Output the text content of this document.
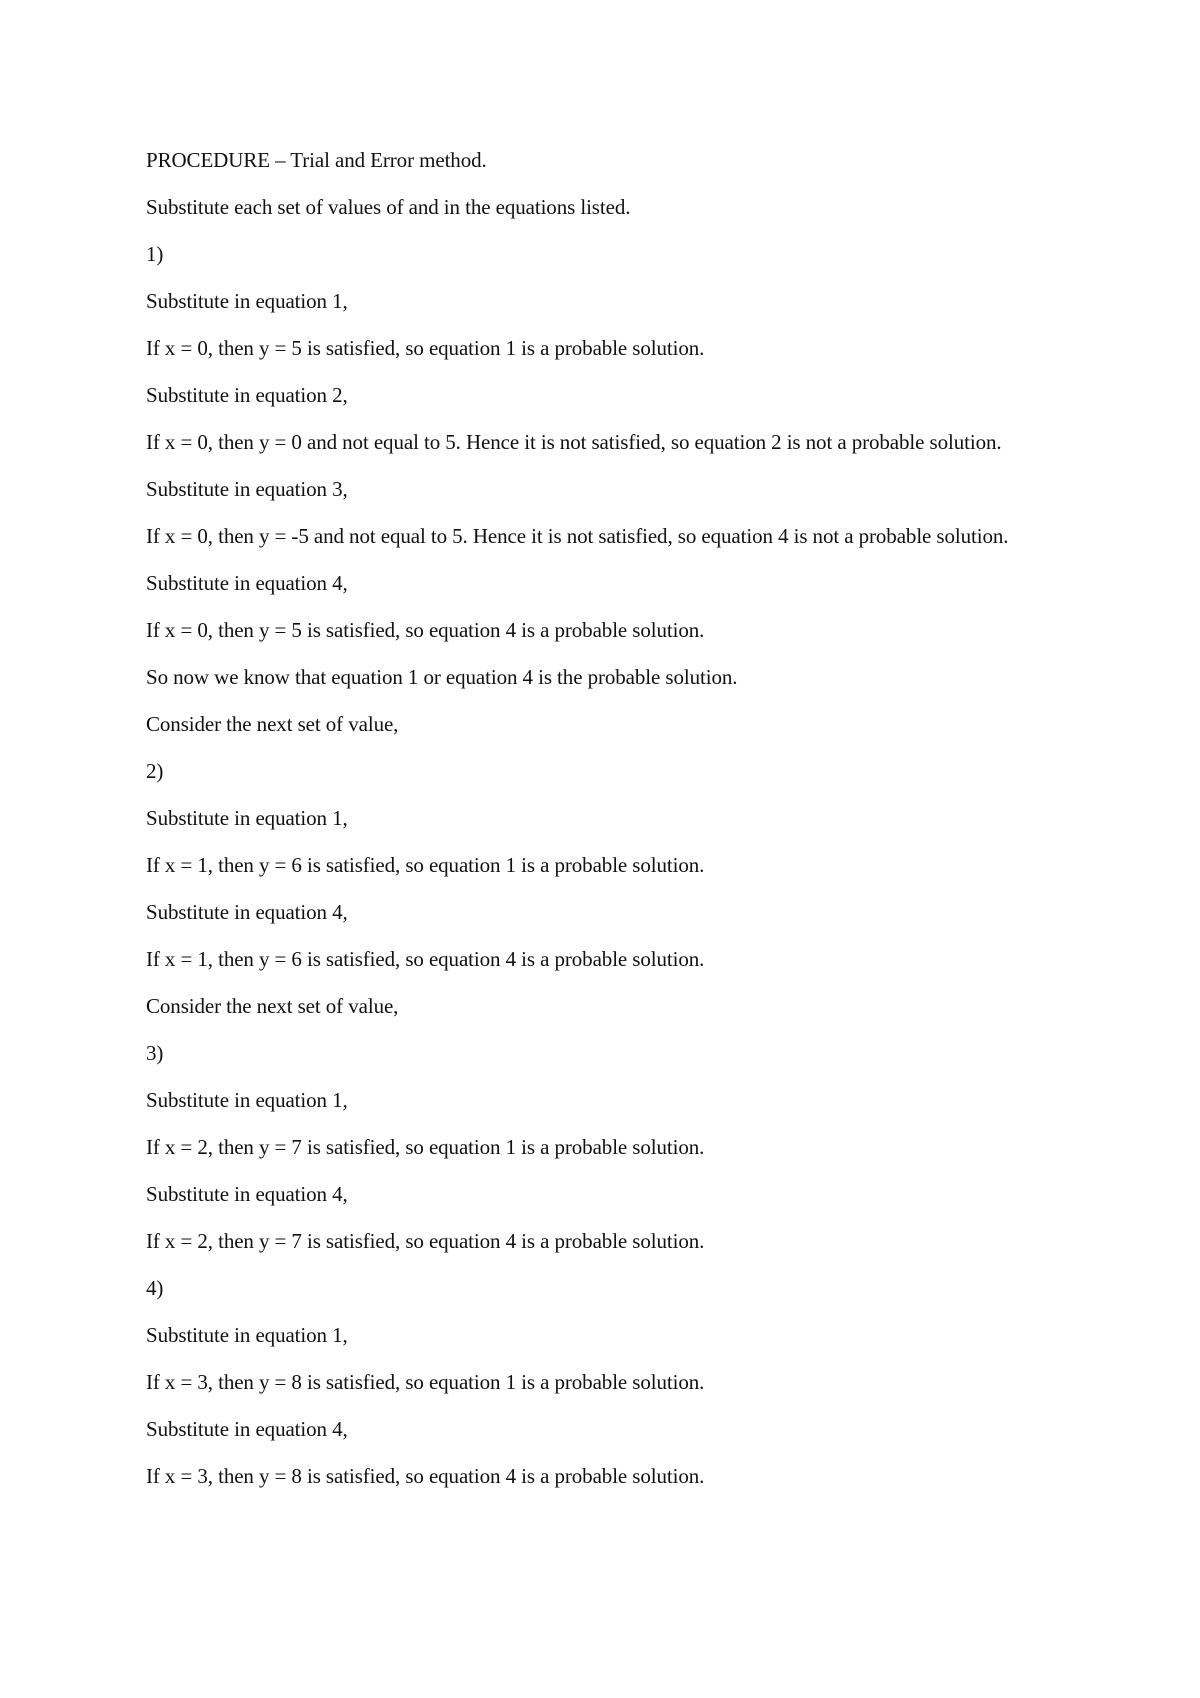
PROCEDURE – Trial and Error method.

Substitute each set of values of and in the equations listed.

1)

Substitute in equation 1,

If x = 0, then y = 5 is satisfied, so equation 1 is a probable solution.

Substitute in equation 2,

If x = 0, then y = 0 and not equal to 5. Hence it is not satisfied, so equation 2 is not a probable solution.

Substitute in equation 3,

If x = 0, then y = -5 and not equal to 5. Hence it is not satisfied, so equation 4 is not a probable solution.

Substitute in equation 4,

If x = 0, then y = 5 is satisfied, so equation 4 is a probable solution.

So now we know that equation 1 or equation 4 is the probable solution.

Consider the next set of value,

2)

Substitute in equation 1,

If x = 1, then y = 6 is satisfied, so equation 1 is a probable solution.

Substitute in equation 4,

If x = 1, then y = 6 is satisfied, so equation 4 is a probable solution.

Consider the next set of value,

3)

Substitute in equation 1,

If x = 2, then y = 7 is satisfied, so equation 1 is a probable solution.

Substitute in equation 4,

If x = 2, then y = 7 is satisfied, so equation 4 is a probable solution.

4)

Substitute in equation 1,

If x = 3, then y = 8 is satisfied, so equation 1 is a probable solution.

Substitute in equation 4,

If x = 3, then y = 8 is satisfied, so equation 4 is a probable solution.
